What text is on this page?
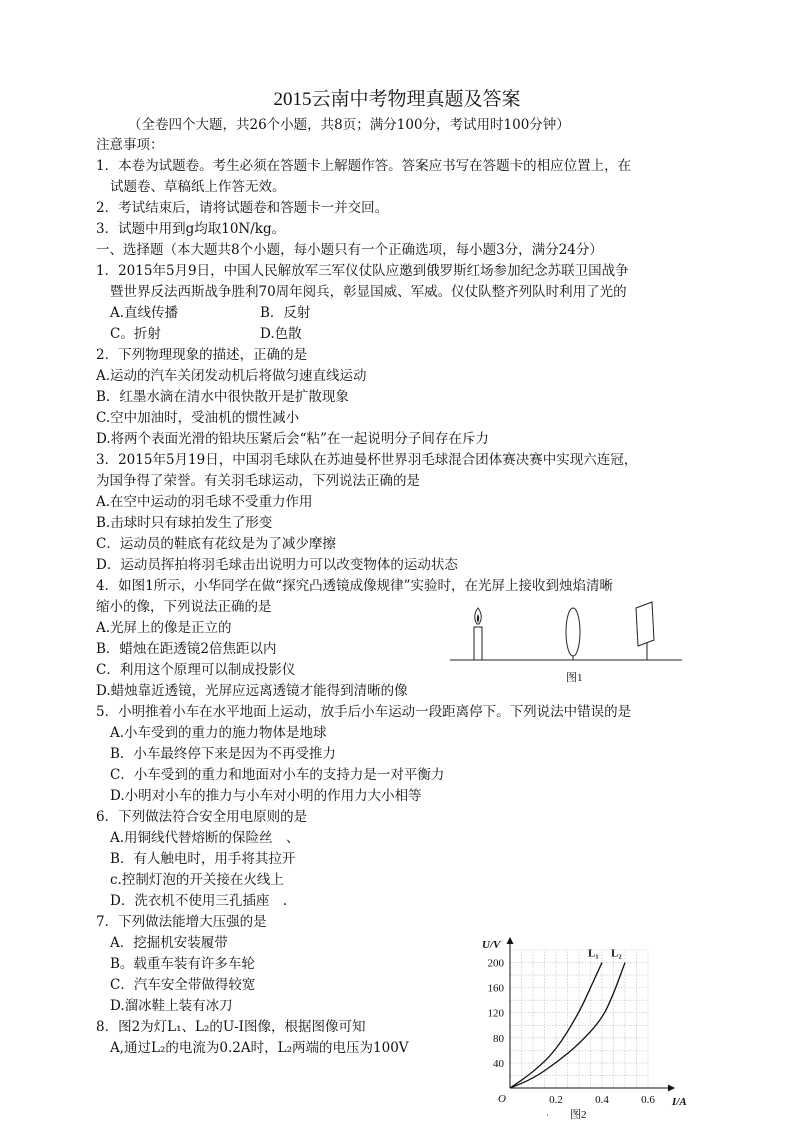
2015云南中考物理真题及答案
（全卷四个大题，共26个小题，共8页；满分100分，考试用时100分钟）
注意事项：
1．本卷为试题卷。考生必须在答题卡上解题作答。答案应书写在答题卡的相应位置上，在
试题卷、草稿纸上作答无效。
2．考试结束后，请将试题卷和答题卡一并交回。
3．试题中用到g均取10N/kg。
一、选择题（本大题共8个小题，每小题只有一个正确选项，每小题3分，满分24分）
1．2015年5月9日，中国人民解放军三军仪仗队应邀到俄罗斯红场参加纪念苏联卫国战争
暨世界反法西斯战争胜利70周年阅兵，彰显国威、军威。仪仗队整齐列队时利用了光的
A.直线传播	B．反射
C。折射	D.色散
2．下列物理现象的描述，正确的是
A.运动的汽车关闭发动机后将做匀速直线运动
B．红墨水滴在清水中很快散开是扩散现象
C.空中加油时，受油机的惯性减小
D.将两个表面光滑的铅块压紧后会“粘”在一起说明分子间存在斥力
3．2015年5月19日，中国羽毛球队在苏迪曼杯世界羽毛球混合团体赛决赛中实现六连冠，
为国争得了荣誉。有关羽毛球运动，下列说法正确的是
A.在空中运动的羽毛球不受重力作用
B.击球时只有球拍发生了形变
C．运动员的鞋底有花纹是为了减少摩擦
D．运动员挥拍将羽毛球击出说明力可以改变物体的运动状态
4．如图1所示，小华同学在做“探究凸透镜成像规律”实验时，在光屏上接收到烛焰清晰
缩小的像，下列说法正确的是
A.光屏上的像是正立的
B．蜡烛在距透镜2倍焦距以内
C．利用这个原理可以制成投影仪
D.蜡烛靠近透镜，光屏应远离透镜才能得到清晰的像
图1
5．小明推着小车在水平地面上运动，放手后小车运动一段距离停下。下列说法中错误的是
A.小车受到的重力的施力物体是地球
B．小车最终停下来是因为不再受推力
C．小车受到的重力和地面对小车的支持力是一对平衡力
D.小明对小车的推力与小车对小明的作用力大小相等
6．下列做法符合安全用电原则的是
A.用铜线代替熔断的保险丝　、
B．有人触电时，用手将其拉开
c.控制灯泡的开关接在火线上
D．洗衣机不使用三孔插座　.
7．下列做法能增大压强的是
A．挖掘机安装履带
B。载重车装有许多车轮
C．汽车安全带做得较宽
D.溜冰鞋上装有冰刀
8．图2为灯L₁、L₂的U-I图像，根据图像可知
A,通过L₂的电流为0.2A时，L₂两端的电压为100V
U/V
I/A
O
40
80
120
160
200
0.2	0.4	0.6
L₁ L₂
· 图2
